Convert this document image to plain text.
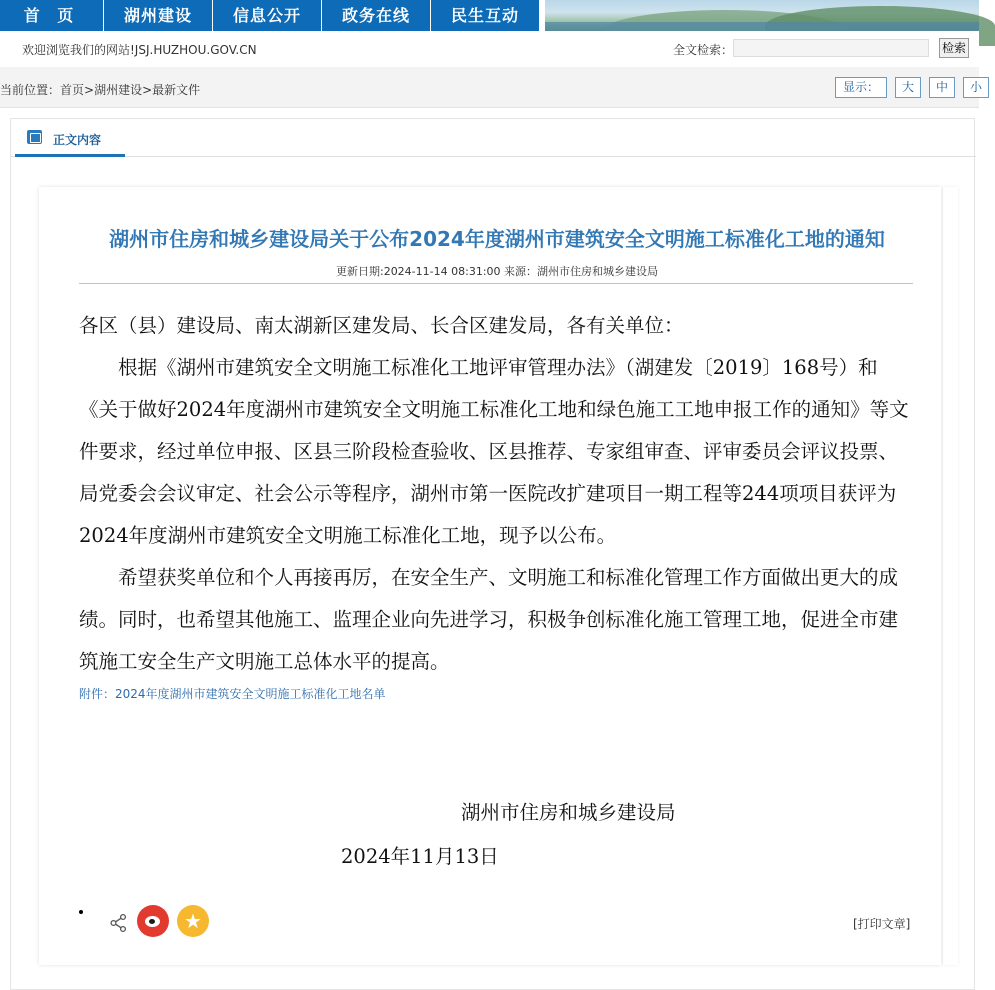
首 页	湖州建设	信息公开	政务在线	民生互动
欢迎浏览我们的网站!JSJ.HUZHOU.GOV.CN	全文检索：	检索
当前位置：首页>湖州建设>最新文件	显示：	大	中	小
正文内容
湖州市住房和城乡建设局关于公布2024年度湖州市建筑安全文明施工标准化工地的通知
更新日期:2024-11-14 08:31:00 来源：湖州市住房和城乡建设局

各区（县）建设局、南太湖新区建发局、长合区建发局，各有关单位：

根据《湖州市建筑安全文明施工标准化工地评审管理办法》（湖建发〔2019〕168号）和《关于做好2024年度湖州市建筑安全文明施工标准化工地和绿色施工工地申报工作的通知》等文件要求，经过单位申报、区县三阶段检查验收、区县推荐、专家组审查、评审委员会评议投票、局党委会会议审定、社会公示等程序，湖州市第一医院改扩建项目一期工程等244项项目获评为2024年度湖州市建筑安全文明施工标准化工地，现予以公布。

希望获奖单位和个人再接再厉，在安全生产、文明施工和标准化管理工作方面做出更大的成绩。同时，也希望其他施工、监理企业向先进学习，积极争创标准化施工管理工地，促进全市建筑施工安全生产文明施工总体水平的提高。

附件：2024年度湖州市建筑安全文明施工标准化工地名单
湖州市住房和城乡建设局
2024年11月13日
★	[打印文章]
